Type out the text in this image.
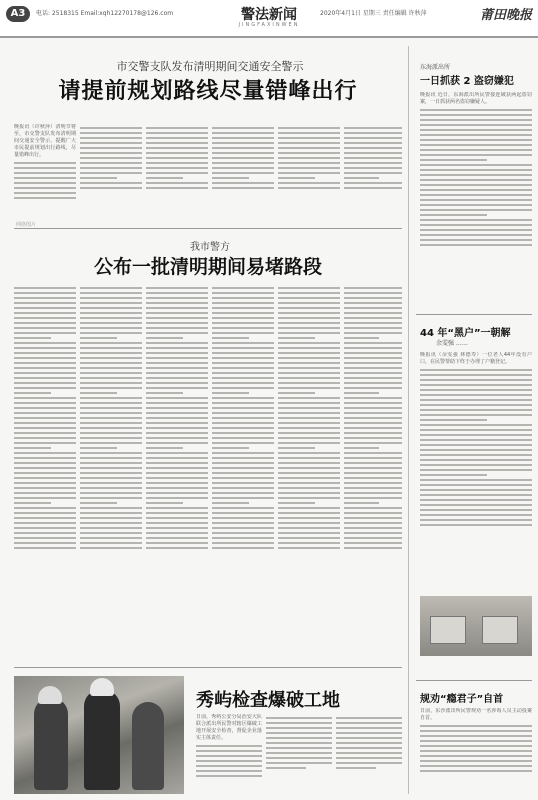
A3	电话: 2518315 Email:xqh12270178@126.com	警法新闻
JINGFAXINWEN
2020年4月1日 星期三 责任编辑 许秋萍	莆田晚报
市交警支队发布清明期间交通安全警示
请提前规划路线尽量错峰出行
晚报讯（许秋萍）清明节将至，市交警支队发布清明期间交通安全警示，提醒广大市民提前规划出行路线，尽量错峰出行。
网络图片
我市警方
公布一批清明期间易堵路段
秀屿检查爆破工地
日前，秀屿公安分局治安大队联合派出所民警对辖区爆破工地开展安全检查，督促企业落实主体责任。
东海派出所
一日抓获 2 盗窃嫌犯
晚报讯 近日，东海派出所民警接连破获两起盗窃案，一日抓获两名盗窃嫌疑人。
44 年“黑户”一朝解
余雯强 ……
晚报讯（余雯强 林德寿）一位老人44年没有户口，在民警帮助下终于办理了户籍登记。
规劝“瘾君子”自首
日前，东沙派出所民警规劝一名涉毒人员主动投案自首。
